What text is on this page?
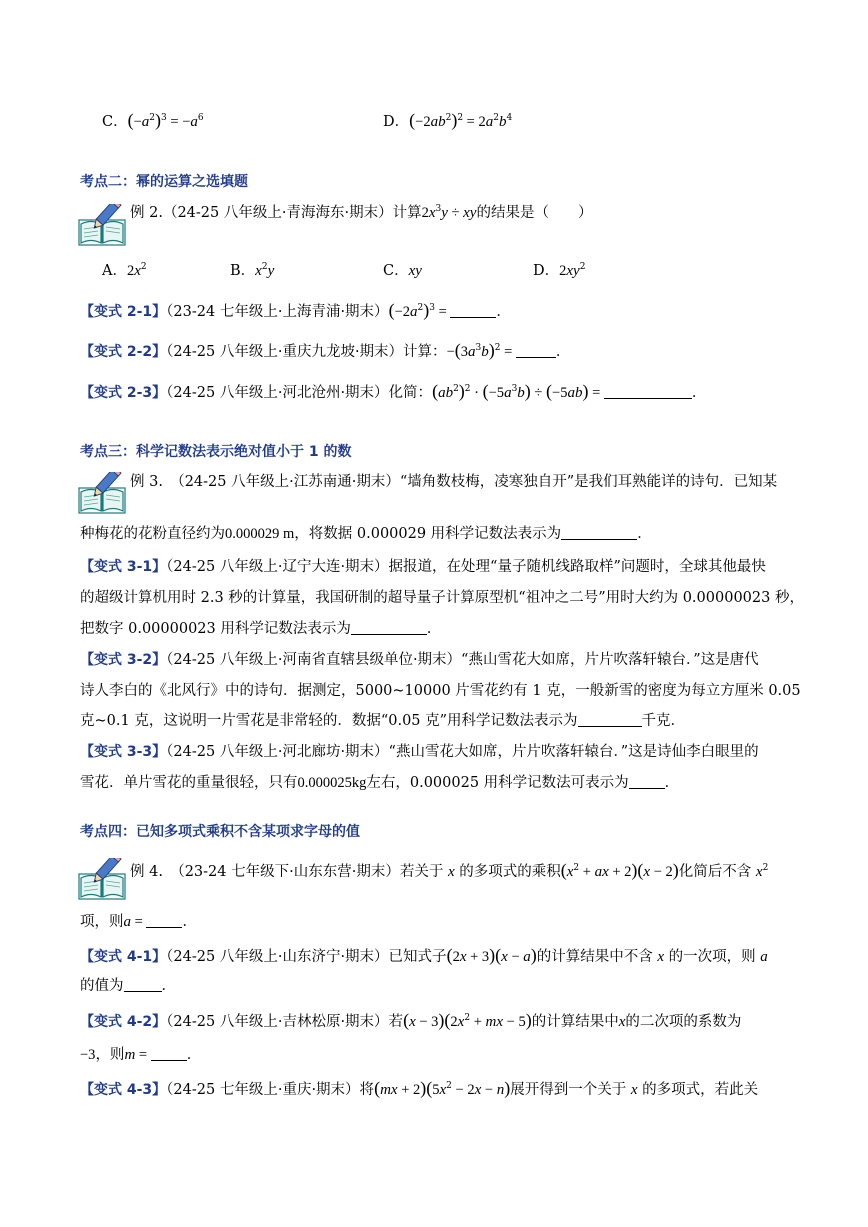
C．$(-a^2)^3 = -a^6$	D．$(-2ab^2)^2 = 2a^2b^4$
考点二：幂的运算之选填题
例 2.（24-25 八年级上·青海海东·期末）计算$2x^3y$ ÷ xy的结果是（　　）
A．$2x^2$	B．$x^2y$	C．xy	D．$2xy^2$
【变式 2-1】（23-24 七年级上·上海青浦·期末）$(-2a^2)^3$ =	．
【变式 2-2】（24-25 八年级上·重庆九龙坡·期末）计算：$-(3a^3b)^2$ =	．
【变式 2-3】（24-25 八年级上·河北沧州·期末）化简：$(ab^2)^2 \cdot (-5a^3b) \div (-5ab)$ =	．
考点三：科学记数法表示绝对值小于 1 的数
例 3.　（24-25 八年级上·江苏南通·期末）“墙角数枝梅，凌寒独自开”是我们耳熟能详的诗句．已知某
种梅花的花粉直径约为0.000029 m，将数据 0.000029 用科学记数法表示为	．
【变式 3-1】（24-25 八年级上·辽宁大连·期末）据报道，在处理“量子随机线路取样”问题时，全球其他最快
的超级计算机用时 2.3 秒的计算量，我国研制的超导量子计算原型机“祖冲之二号”用时大约为 0.00000023 秒，
把数字 0.00000023 用科学记数法表示为	．
【变式 3-2】（24-25 八年级上·河南省直辖县级单位·期末）“燕山雪花大如席，片片吹落轩辕台．”这是唐代
诗人李白的《北风行》中的诗句．据测定，5000~10000 片雪花约有 1 克，一般新雪的密度为每立方厘米 0.05
克~0.1 克，这说明一片雪花是非常轻的．数据“0.05 克”用科学记数法表示为	千克．
【变式 3-3】（24-25 八年级上·河北廊坊·期末）“燕山雪花大如席，片片吹落轩辕台．”这是诗仙李白眼里的
雪花．单片雪花的重量很轻，只有0.000025kg左右，0.000025 用科学记数法可表示为 ．
考点四：已知多项式乘积不含某项求字母的值
例 4.　（23-24 七年级下·山东东营·期末）若关于 x 的多项式的乘积($x^2$ + ax + 2)(x − 2)化简后不含 $x^2$
项，则a = ．
【变式 4-1】（24-25 八年级上·山东济宁·期末）已知式子(2x + 3)(x − a)的计算结果中不含 x 的一次项，则 a
的值为	．
【变式 4-2】（24-25 八年级上·吉林松原·期末）若$(x - 3)(2x^2$ + mx − 5)的计算结果中x的二次项的系数为
−3，则m = ．
【变式 4-3】（24-25 七年级上·重庆·期末）将$(mx + 2)(5x^2 - 2x - n)$展开得到一个关于 x 的多项式，若此关
